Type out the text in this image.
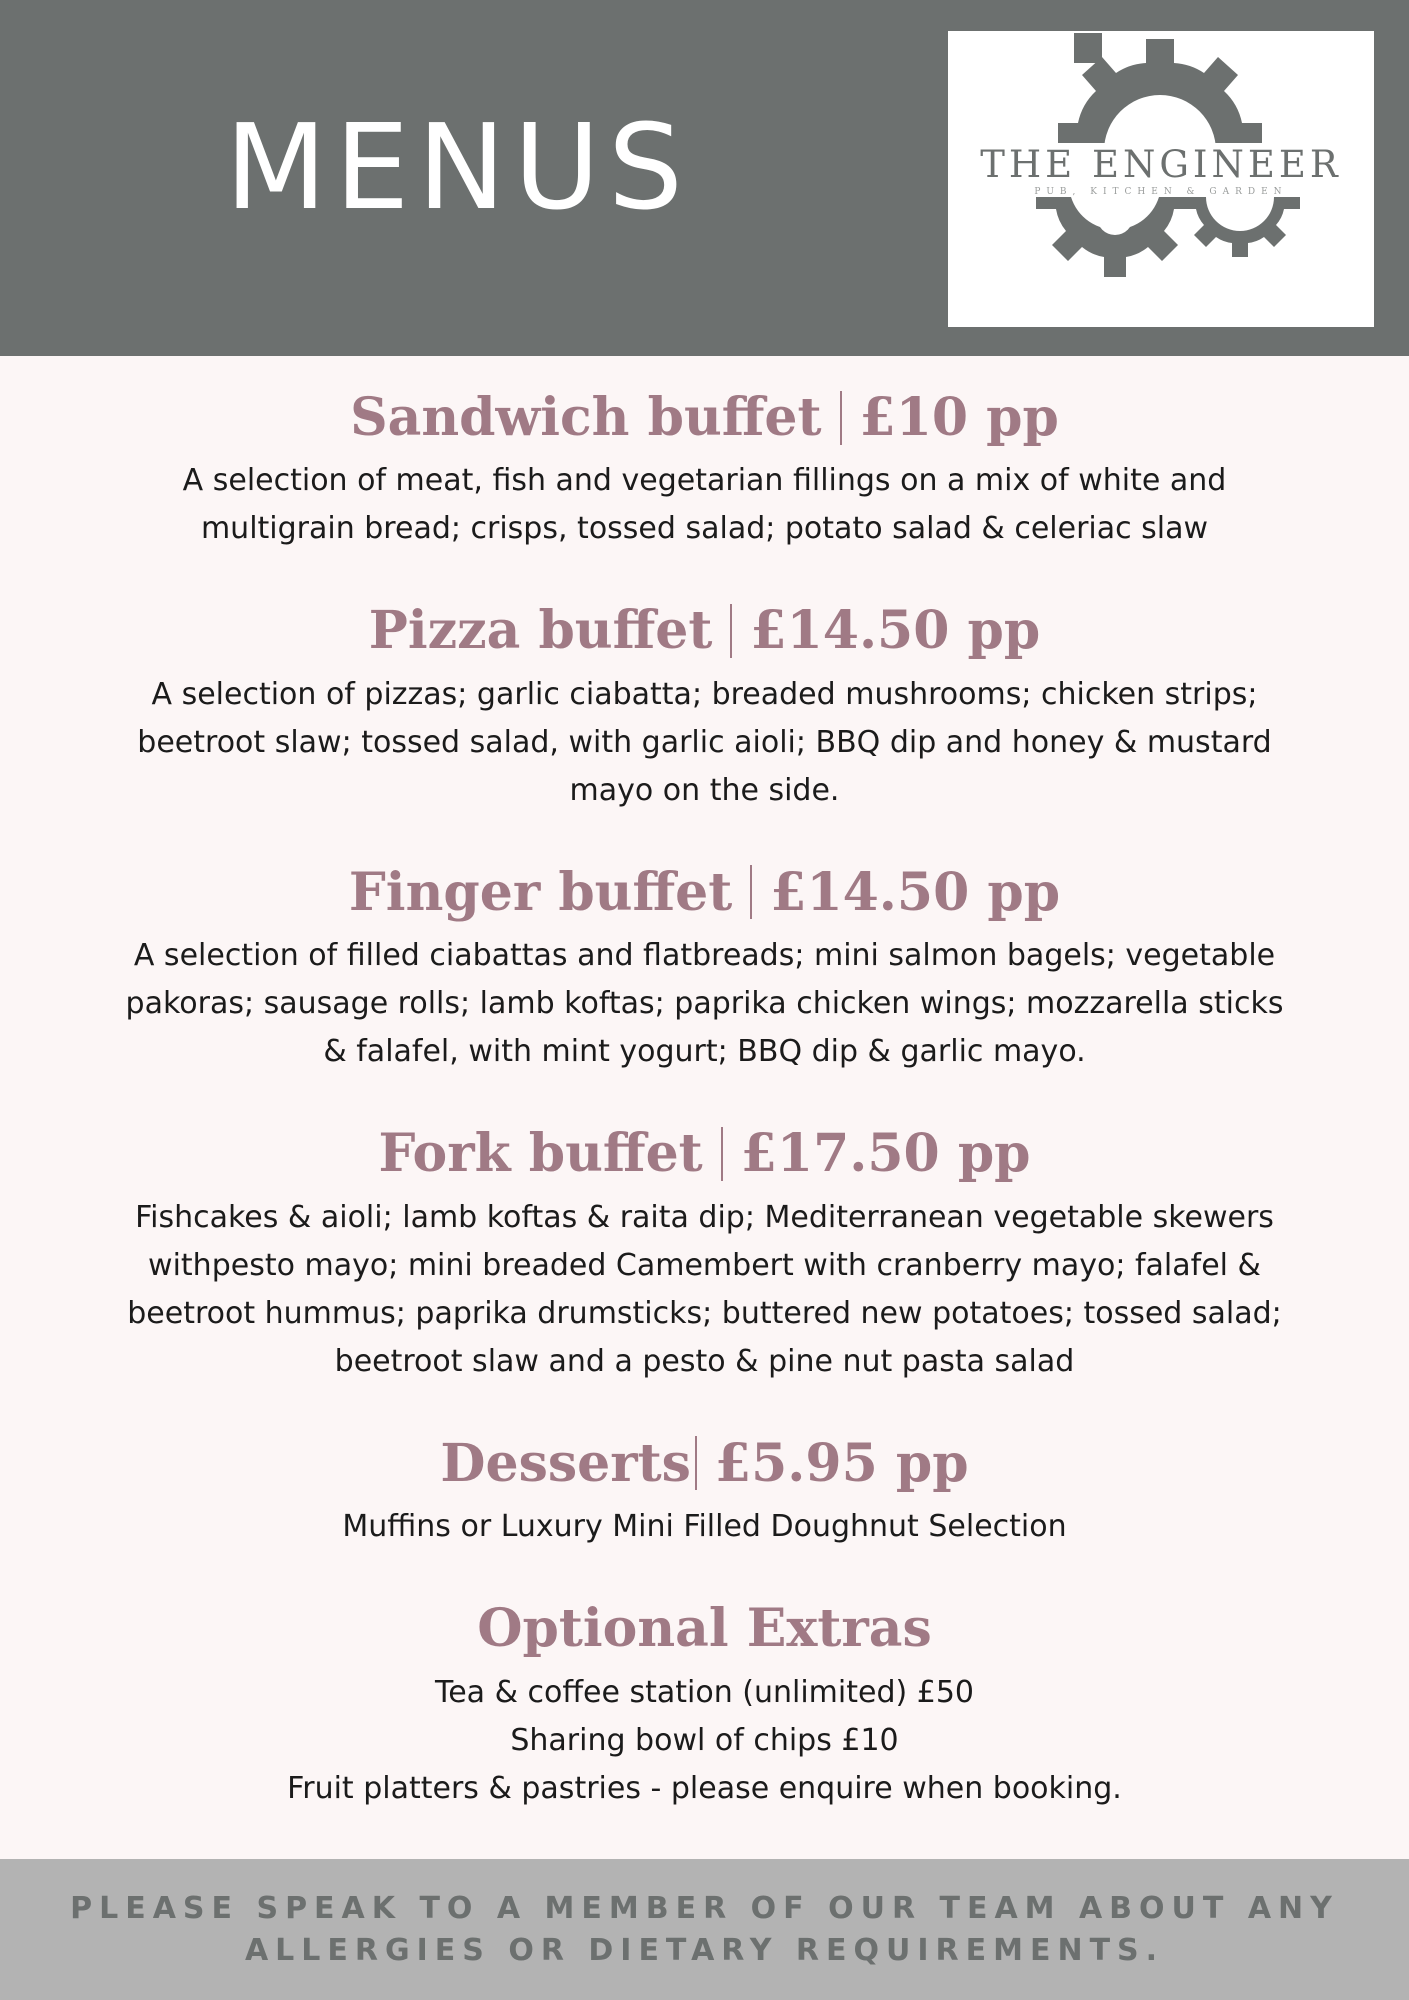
MENUS	THE ENGINEER
PUB, KITCHEN & GARDEN
Sandwich buffet £10 pp

A selection of meat, fish and vegetarian fillings on a mix of white and

multigrain bread; crisps, tossed salad; potato salad & celeriac slaw

Pizza buffet £14.50 pp

A selection of pizzas; garlic ciabatta; breaded mushrooms; chicken strips;

beetroot slaw; tossed salad, with garlic aioli; BBQ dip and honey & mustard

mayo on the side.

Finger buffet £14.50 pp

A selection of filled ciabattas and flatbreads; mini salmon bagels; vegetable

pakoras; sausage rolls; lamb koftas; paprika chicken wings; mozzarella sticks

& falafel, with mint yogurt; BBQ dip & garlic mayo.

Fork buffet £17.50 pp

Fishcakes & aioli; lamb koftas & raita dip; Mediterranean vegetable skewers

withpesto mayo; mini breaded Camembert with cranberry mayo; falafel &

beetroot hummus; paprika drumsticks; buttered new potatoes; tossed salad;

beetroot slaw and a pesto & pine nut pasta salad

Desserts £5.95 pp

Muffins or Luxury Mini Filled Doughnut Selection

Optional Extras

Tea & coffee station (unlimited) £50

Sharing bowl of chips £10

Fruit platters & pastries - please enquire when booking.

PLEASE SPEAK TO A MEMBER OF OUR TEAM ABOUT ANY
ALLERGIES OR DIETARY REQUIREMENTS.
